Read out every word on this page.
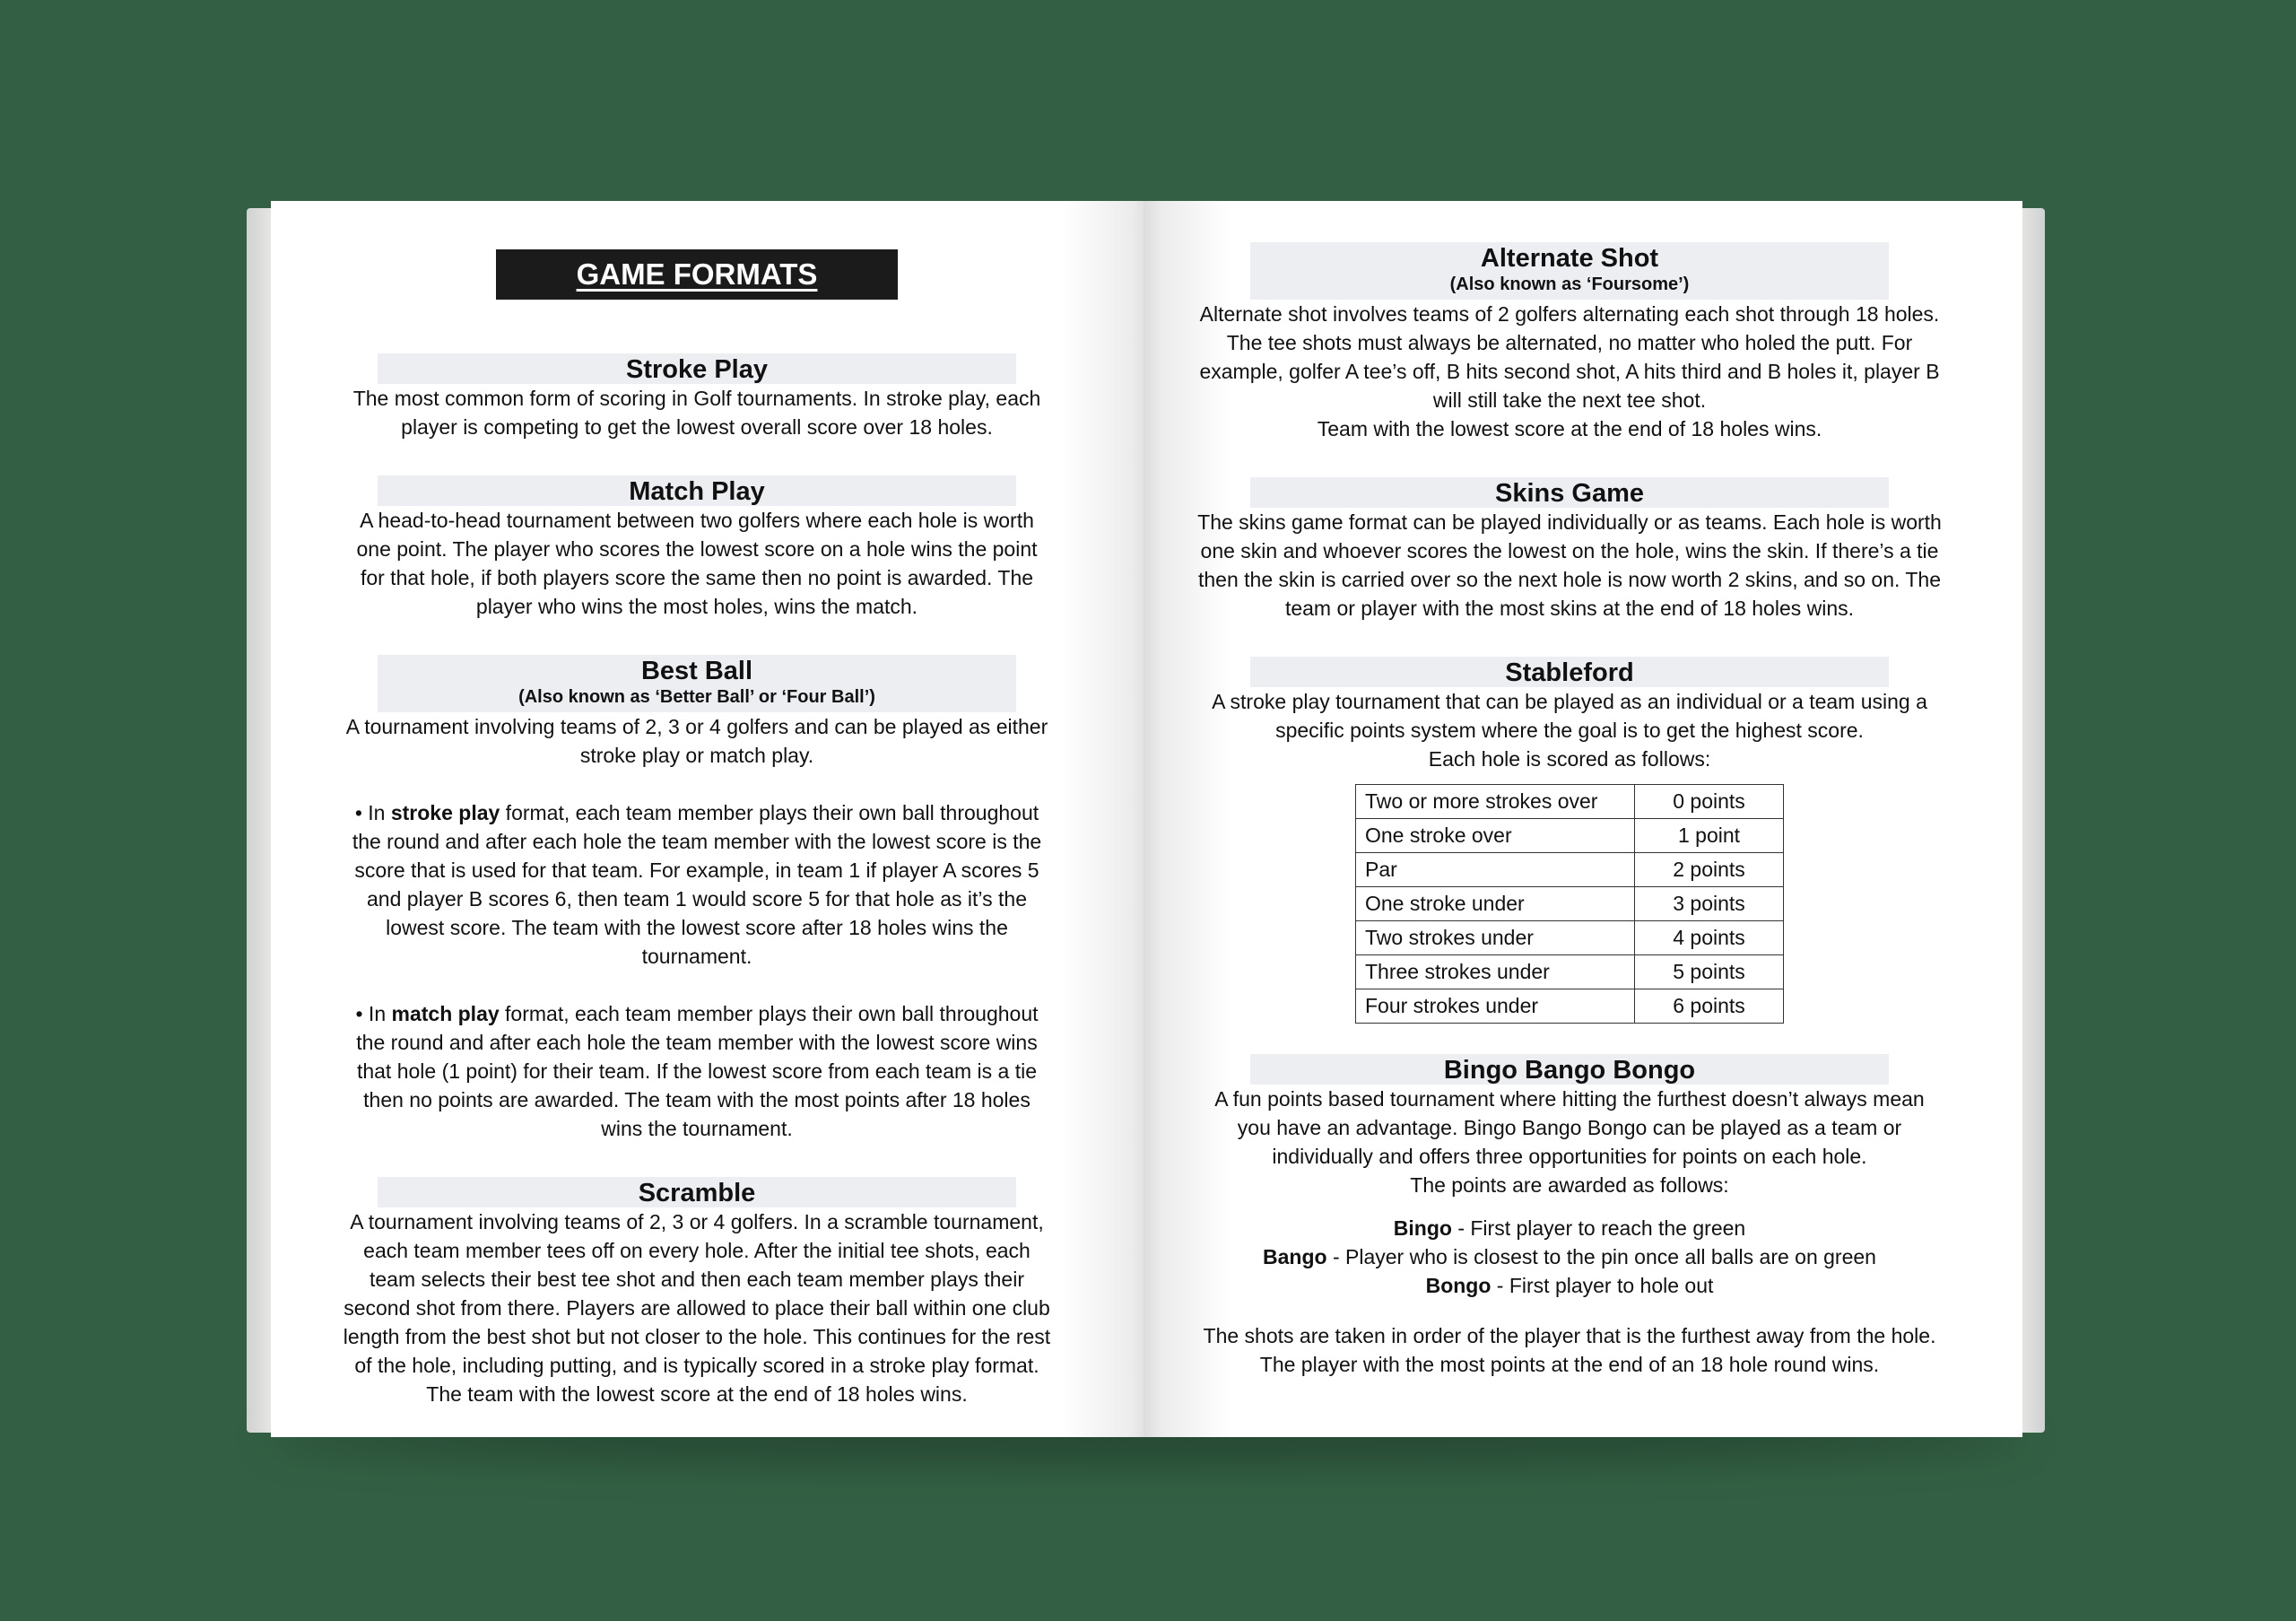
GAME FORMATS
Stroke Play

The most common form of scoring in Golf tournaments. In stroke play, each player is competing to get the lowest overall score over 18 holes.

Match Play

A head-to-head tournament between two golfers where each hole is worth one point. The player who scores the lowest score on a hole wins the point for that hole, if both players score the same then no point is awarded. The player who wins the most holes, wins the match.

Best Ball
(Also known as ‘Better Ball’ or ‘Four Ball’)

A tournament involving teams of 2, 3 or 4 golfers and can be played as either stroke play or match play.

• In stroke play format, each team member plays their own ball throughout the round and after each hole the team member with the lowest score is the score that is used for that team. For example, in team 1 if player A scores 5 and player B scores 6, then team 1 would score 5 for that hole as it’s the lowest score. The team with the lowest score after 18 holes wins the tournament.

• In match play format, each team member plays their own ball throughout the round and after each hole the team member with the lowest score wins that hole (1 point) for their team. If the lowest score from each team is a tie then no points are awarded. The team with the most points after 18 holes wins the tournament.

Scramble

A tournament involving teams of 2, 3 or 4 golfers. In a scramble tournament, each team member tees off on every hole. After the initial tee shots, each team selects their best tee shot and then each team member plays their second shot from there. Players are allowed to place their ball within one club length from the best shot but not closer to the hole. This continues for the rest of the hole, including putting, and is typically scored in a stroke play format. The team with the lowest score at the end of 18 holes wins.

Alternate Shot
(Also known as ‘Foursome’)

Alternate shot involves teams of 2 golfers alternating each shot through 18 holes. The tee shots must always be alternated, no matter who holed the putt. For example, golfer A tee’s off, B hits second shot, A hits third and B holes it, player B will still take the next tee shot.

Team with the lowest score at the end of 18 holes wins.

Skins Game

The skins game format can be played individually or as teams. Each hole is worth one skin and whoever scores the lowest on the hole, wins the skin. If there’s a tie then the skin is carried over so the next hole is now worth 2 skins, and so on. The team or player with the most skins at the end of 18 holes wins.

Stableford

A stroke play tournament that can be played as an individual or a team using a specific points system where the goal is to get the highest score.

Each hole is scored as follows:

Two or more strokes over	0 points
One stroke over	1 point
Par	2 points
One stroke under	3 points
Two strokes under	4 points
Three strokes under	5 points
Four strokes under	6 points
Bingo Bango Bongo

A fun points based tournament where hitting the furthest doesn’t always mean you have an advantage. Bingo Bango Bongo can be played as a team or individually and offers three opportunities for points on each hole.

The points are awarded as follows:

Bingo - First player to reach the green

Bango - Player who is closest to the pin once all balls are on green

Bongo - First player to hole out

The shots are taken in order of the player that is the furthest away from the hole. The player with the most points at the end of an 18 hole round wins.
